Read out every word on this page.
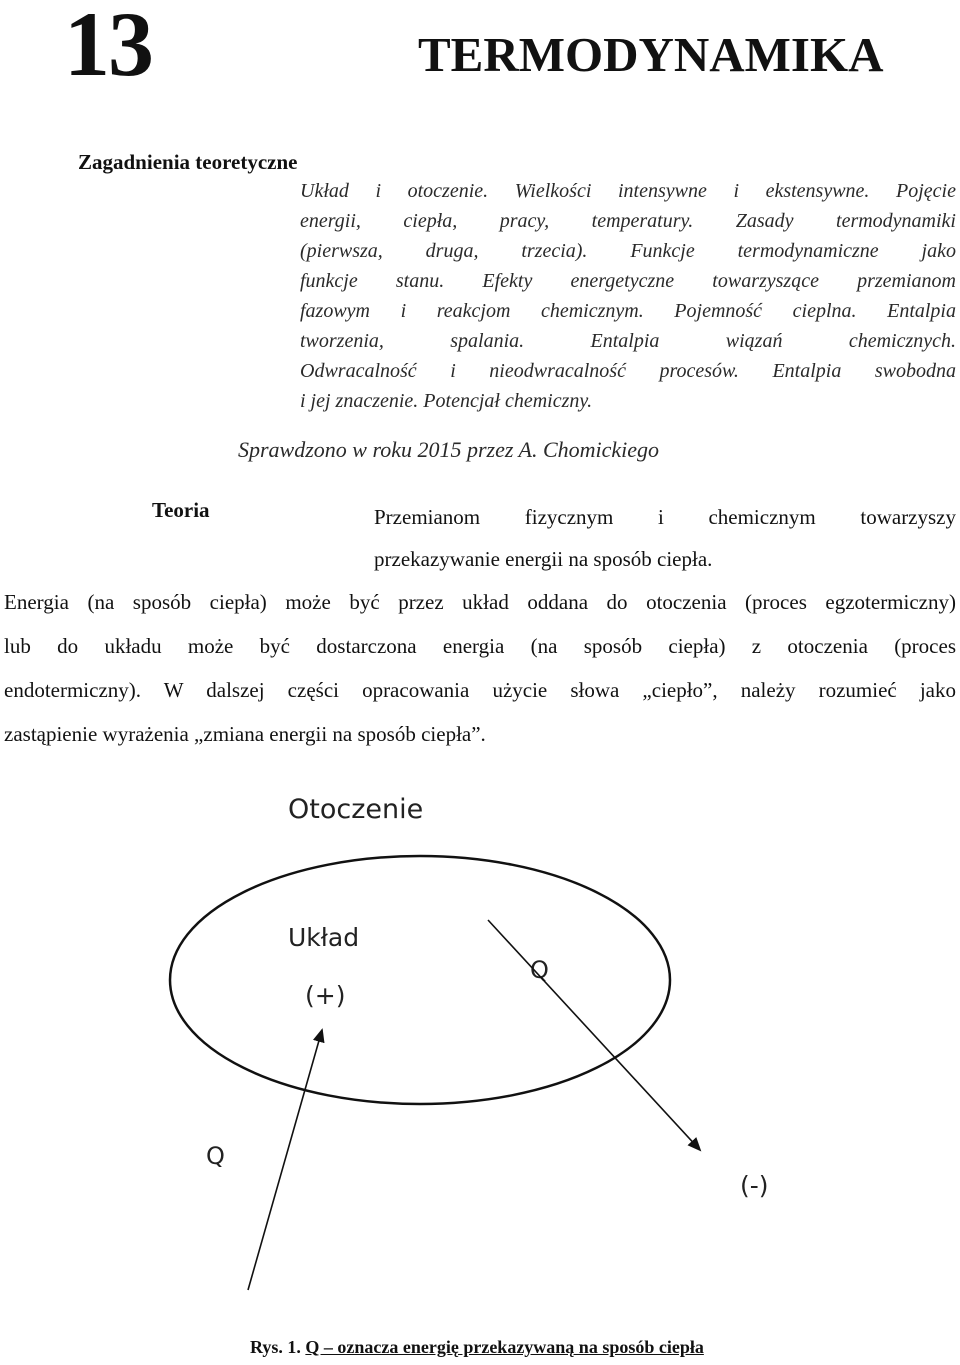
13	TERMODYNAMIKA
Zagadnienia teoretyczne
Układ i otoczenie. Wielkości intensywne i ekstensywne. Pojęcie
energii, ciepła, pracy, temperatury. Zasady termodynamiki
(pierwsza, druga, trzecia). Funkcje termodynamiczne jako
funkcje stanu. Efekty energetyczne towarzyszące przemianom
fazowym i reakcjom chemicznym. Pojemność cieplna. Entalpia
tworzenia, spalania. Entalpia wiązań chemicznych.
Odwracalność i nieodwracalność procesów. Entalpia swobodna
i jej znaczenie. Potencjał chemiczny.
Sprawdzono w roku 2015 przez A. Chomickiego
Teoria	Przemianom fizycznym i chemicznym towarzyszy
przekazywanie energii na sposób ciepła.
Energia (na sposób ciepła) może być przez układ oddana do otoczenia (proces egzotermiczny)
lub do układu może być dostarczona energia (na sposób ciepła) z otoczenia (proces
endotermiczny). W dalszej części opracowania użycie słowa „ciepło”, należy rozumieć jako
zastąpienie wyrażenia „zmiana energii na sposób ciepła”.
Otoczenie
Układ
(+)
Q
Q
(-)
Rys. 1. Q – oznacza energię przekazywaną na sposób ciepła
